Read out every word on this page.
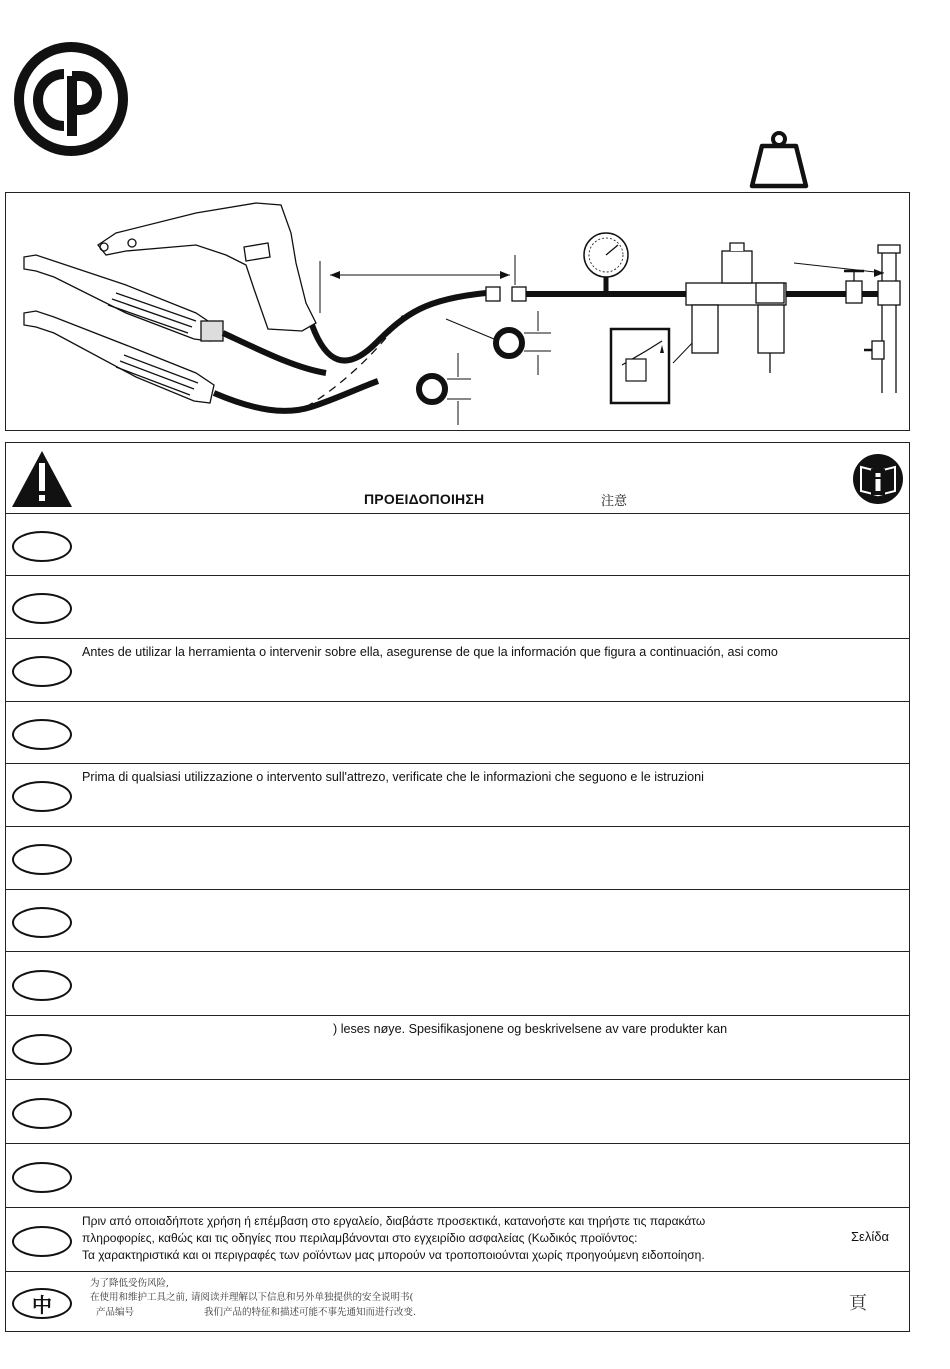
ΠΡΟΕΙΔΟΠΟΙΗΣΗ	注意
Antes de utilizar la herramienta o intervenir sobre ella, asegurense de que la información que figura a continuación, asi como
Prima di qualsiasi utilizzazione o intervento sull'attrezo, verificate che le informazioni che seguono e le istruzioni
) leses nøye. Spesifikasjonene og beskrivelsene av vare produkter kan
Πριν από οποιαδήποτε χρήση ή επέμβαση στο εργαλείο, διαβάστε προσεκτικά, κατανοήστε και τηρήστε τις παρακάτω
πληροφορίες, καθώς και τις οδηγίες που περιλαμβάνονται στο εγχειρίδιο ασφαλείας (Κωδικός προϊόντος:
Τα χαρακτηριστικά και οι περιγραφές των ροϊόντων μας μπορούν να τροποποιούνται χωρίς προηγούμενη ειδοποίηση.
Σελίδα
中
为了降低受伤风险,
在使用和维护工具之前, 请阅读并理解以下信息和另外单独提供的安全说明书(
产品编号	我们产品的特征和描述可能不事先通知而进行改变.	頁
